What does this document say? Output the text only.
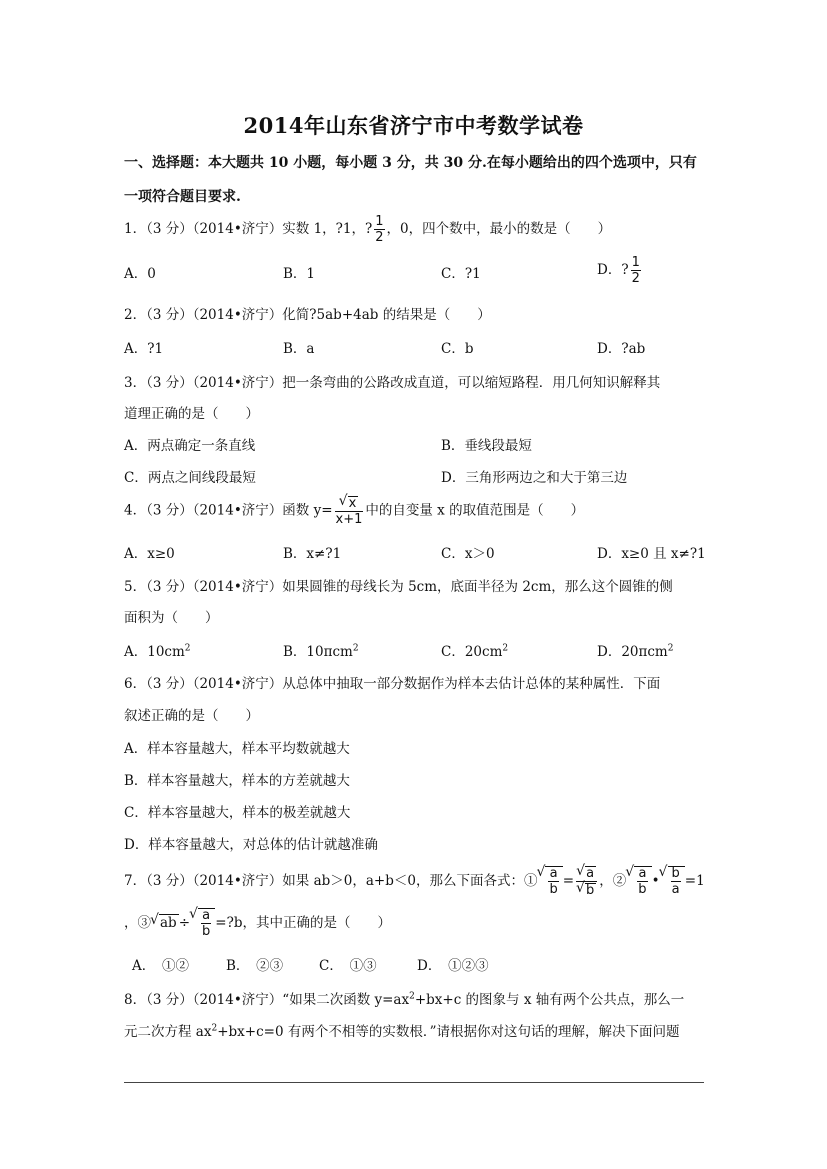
2014年山东省济宁市中考数学试卷
一、选择题：本大题共 10 小题，每小题 3 分，共 30 分.在每小题给出的四个选项中，只有
一项符合题目要求.
1．（3 分）（2014•济宁）实数 1，?1，? $\frac{1}{2}$ ，0，四个数中，最小的数是（　　）
A．0	B．1	C．?1	D．? $\frac{1}{2}$
2．（3 分）（2014•济宁）化简?5ab+4ab 的结果是（　　）
A．?1	B．a	C．b	D．?ab
3．（3 分）（2014•济宁）把一条弯曲的公路改成直道，可以缩短路程．用几何知识解释其
道理正确的是（　　）
A．两点确定一条直线	B．垂线段最短
C．两点之间线段最短	D．三角形两边之和大于第三边
4．（3 分）（2014•济宁）函数 y= √ $\frac{x}{x+1}$ 中的自变量 x 的取值范围是（　　）
A．x≥0	B．x≠?1	C．x＞0	D．x≥0 且 x≠?1
5．（3 分）（2014•济宁）如果圆锥的母线长为 5cm，底面半径为 2cm，那么这个圆锥的侧
面积为（　　）
A．$10cm^2$	B．10πcm$^2$	C．$20cm^2$	D．20πcm$^2$
6．（3 分）（2014•济宁）从总体中抽取一部分数据作为样本去估计总体的某种属性．下面
叙述正确的是（　　）
A．样本容量越大，样本平均数就越大
B．样本容量越大，样本的方差就越大
C．样本容量越大，样本的极差就越大
D．样本容量越大，对总体的估计就越准确
7．（3 分）（2014•济宁）如果 ab＞0，a+b＜0，那么下面各式：① √ $\frac{a}{b}$ = √ a
√ b ，② √ $\frac{a}{b}$ • √ $\frac{b}{a} =1$
，③ √ ab ÷ √ $\frac{a}{b}$ =?b，其中正确的是（　　）
A．　①②	B．　②③	C．　①③	D．　①②③
8．（3 分）（2014•济宁）“如果二次函数 $y=ax^2+bx+c$ 的图象与 x 轴有两个公共点，那么一
元二次方程 $ax^2+bx+c=0$ 有两个不相等的实数根．”请根据你对这句话的理解，解决下面问题
